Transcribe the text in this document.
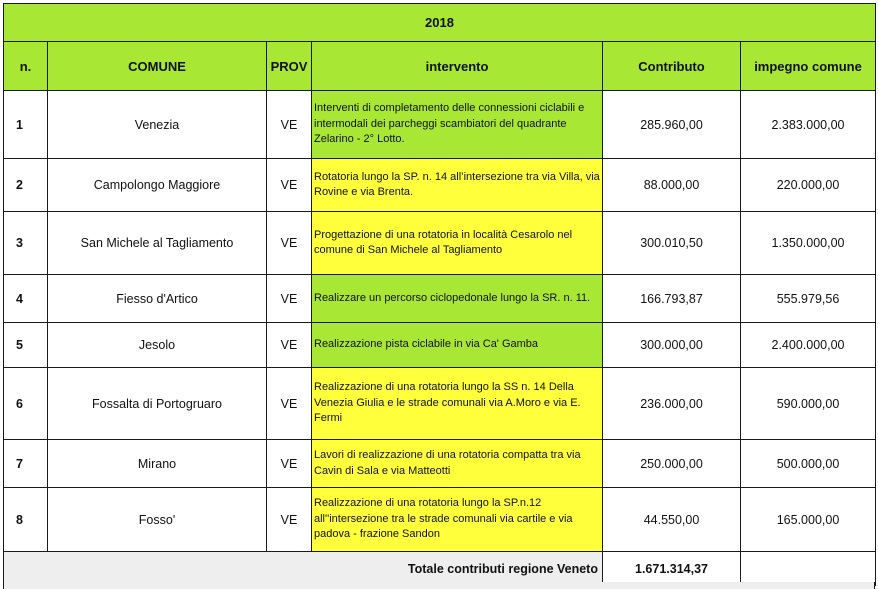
2018					
n.	COMUNE	PROV	intervento	Contributo	impegno comune
1	Venezia	VE	Interventi di completamento delle connessioni ciclabili e intermodali dei parcheggi scambiatori del quadrante Zelarino - 2° Lotto.	285.960,00	2.383.000,00
2	Campolongo Maggiore	VE	Rotatoria lungo la SP. n. 14 all’intersezione tra via Villa, via Rovine e via Brenta.	88.000,00	220.000,00
3	San Michele al Tagliamento	VE	Progettazione di una rotatoria in località Cesarolo nel comune di San Michele al Tagliamento	300.010,50	1.350.000,00
4	Fiesso d'Artico	VE	Realizzare un percorso ciclopedonale lungo la SR. n. 11.	166.793,87	555.979,56
5	Jesolo	VE	Realizzazione pista ciclabile in via Ca' Gamba	300.000,00	2.400.000,00
6	Fossalta di Portogruaro	VE	Realizzazione di una rotatoria lungo la SS n. 14 Della Venezia Giulia e le strade comunali via A.Moro e via E. Fermi	236.000,00	590.000,00
7	Mirano	VE	Lavori di realizzazione di una rotatoria compatta tra via Cavin di Sala e via Matteotti	250.000,00	500.000,00
8	Fosso'	VE	Realizzazione di una rotatoria lungo la SP.n.12 all''intersezione tra le strade comunali via cartile e via padova - frazione Sandon	44.550,00	165.000,00
Totale contributi regione Veneto				1.671.314,37	
